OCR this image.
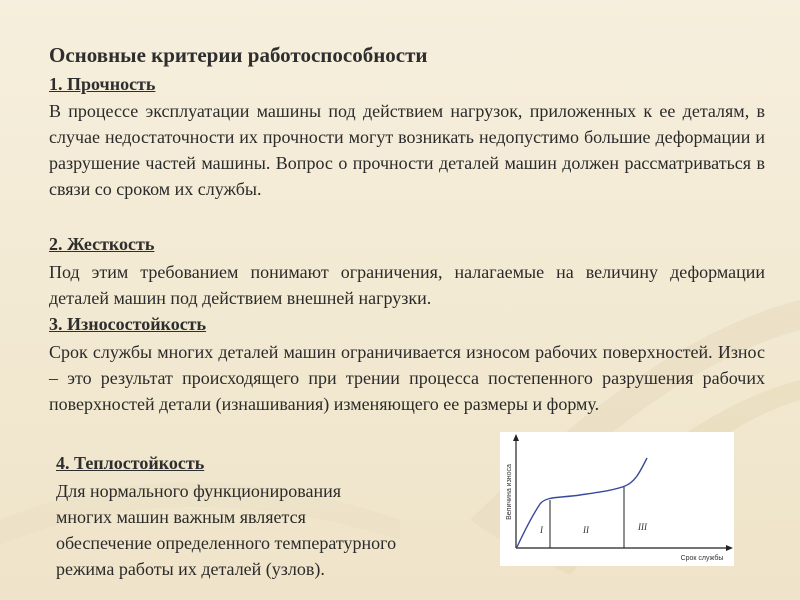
Основные критерии работоспособности
1. Прочность
В процессе эксплуатации машины под действием нагрузок, приложенных к ее деталям, в случае недостаточности их прочности могут возникать недопустимо большие деформации и разрушение частей машины. Вопрос о прочности деталей машин должен рассматриваться в связи со сроком их службы.
2. Жесткость
Под этим требованием понимают ограничения, налагаемые на величину деформации деталей машин под действием внешней нагрузки.
3. Износостойкость
Срок службы многих деталей машин ограничивается износом рабочих поверхностей. Износ – это результат происходящего при трении процесса постепенного разрушения рабочих поверхностей детали (изнашивания) изменяющего ее размеры и форму.
4. Теплостойкость
Для нормального функционирования
многих машин важным является
обеспечение определенного температурного
режима работы их деталей (узлов).
Величина износа
Срок службы
I	II	III
